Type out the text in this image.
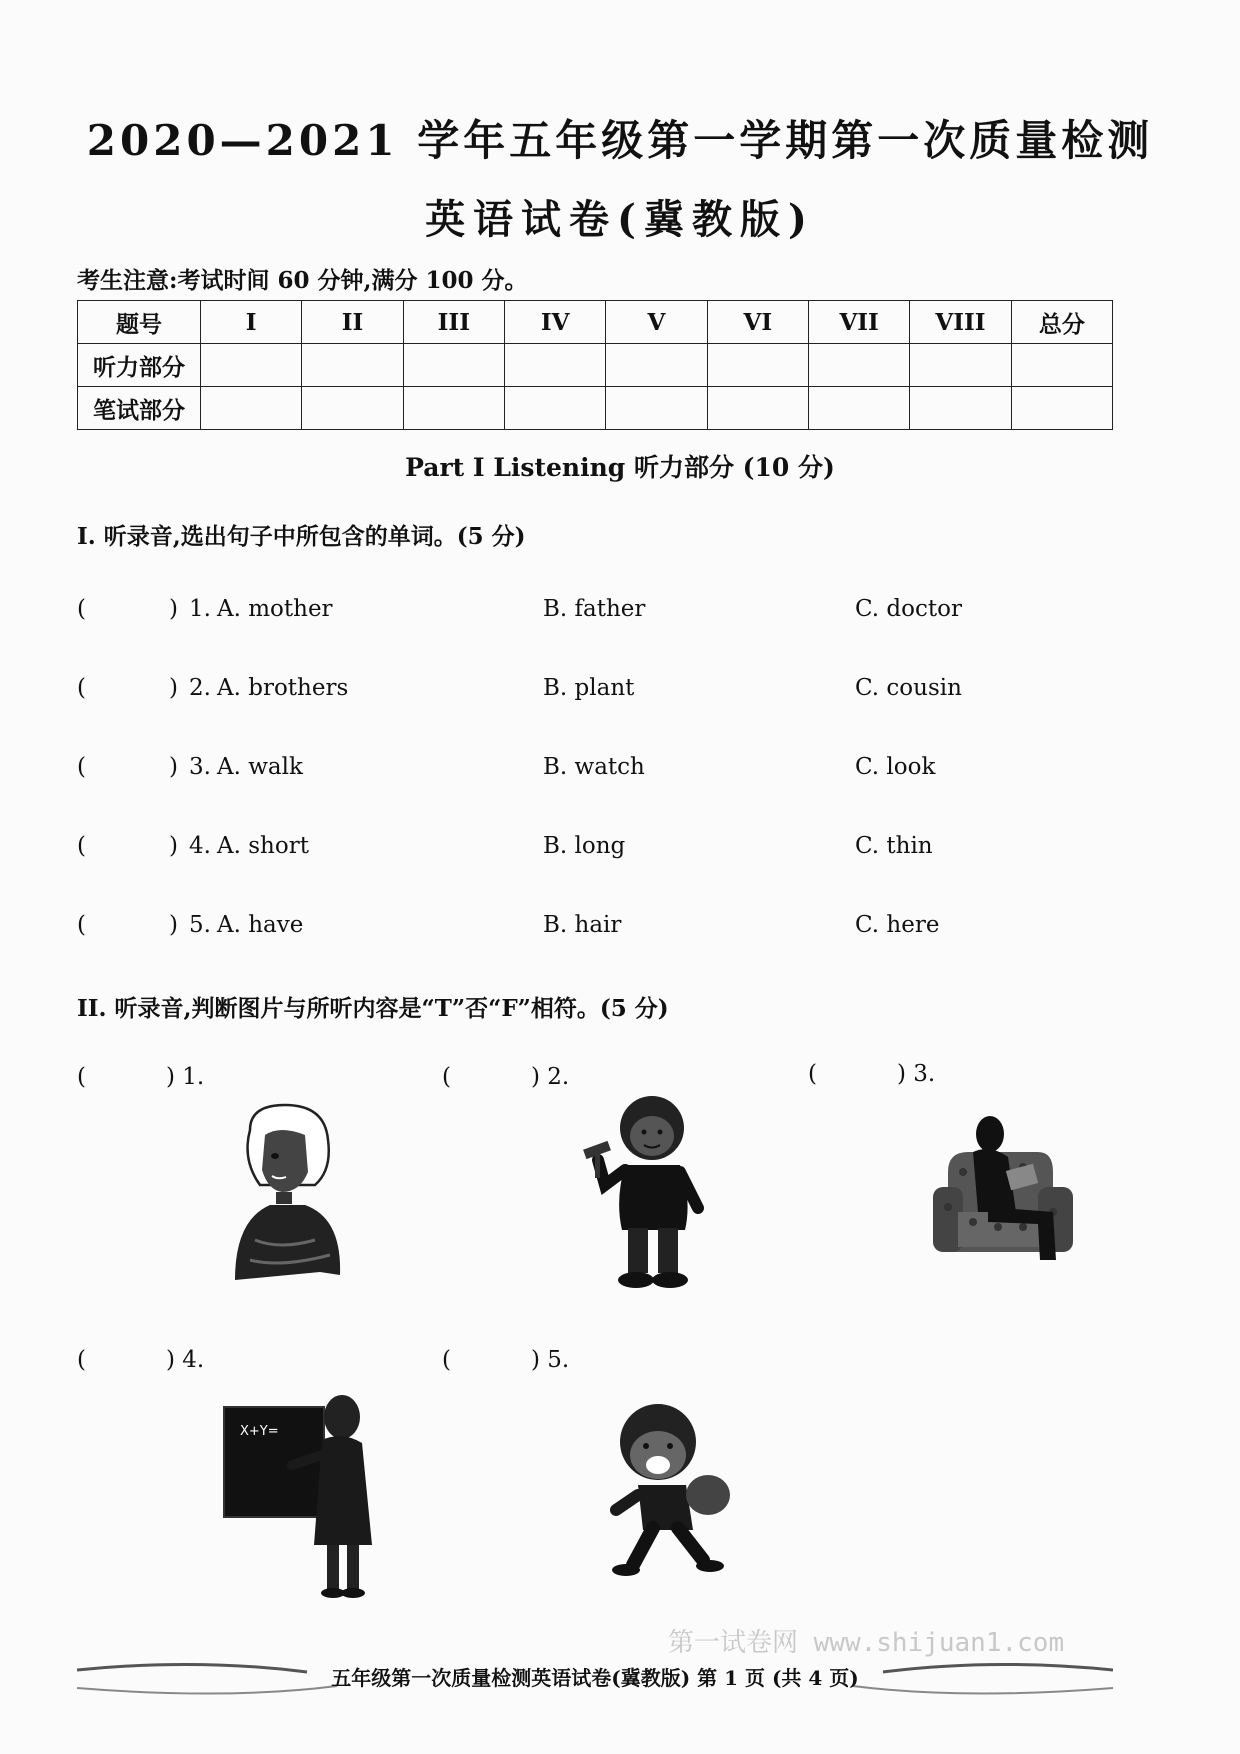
2020—2021 学年五年级第一学期第一次质量检测
英语试卷(冀教版)
考生注意:考试时间 60 分钟,满分 100 分。
题号	I	II	III	IV	V	VI	VII	VIII	总分
听力部分									
笔试部分									
Part I Listening 听力部分 (10 分)
I. 听录音,选出句子中所包含的单词。(5 分)
(	) 1. A. mother	B. father	C. doctor
(	) 2. A. brothers	B. plant	C. cousin
(	) 3. A. walk	B. watch	C. look
(	) 4. A. short	B. long	C. thin
(	) 5. A. have	B. hair	C. here
II. 听录音,判断图片与所听内容是“T”否“F”相符。(5 分)
(	) 1.	(	) 2.	(	) 3.
(	) 4.	(	) 5.
X+Y=
第一试卷网 www.shijuan1.com
五年级第一次质量检测英语试卷(冀教版) 第 1 页 (共 4 页)
